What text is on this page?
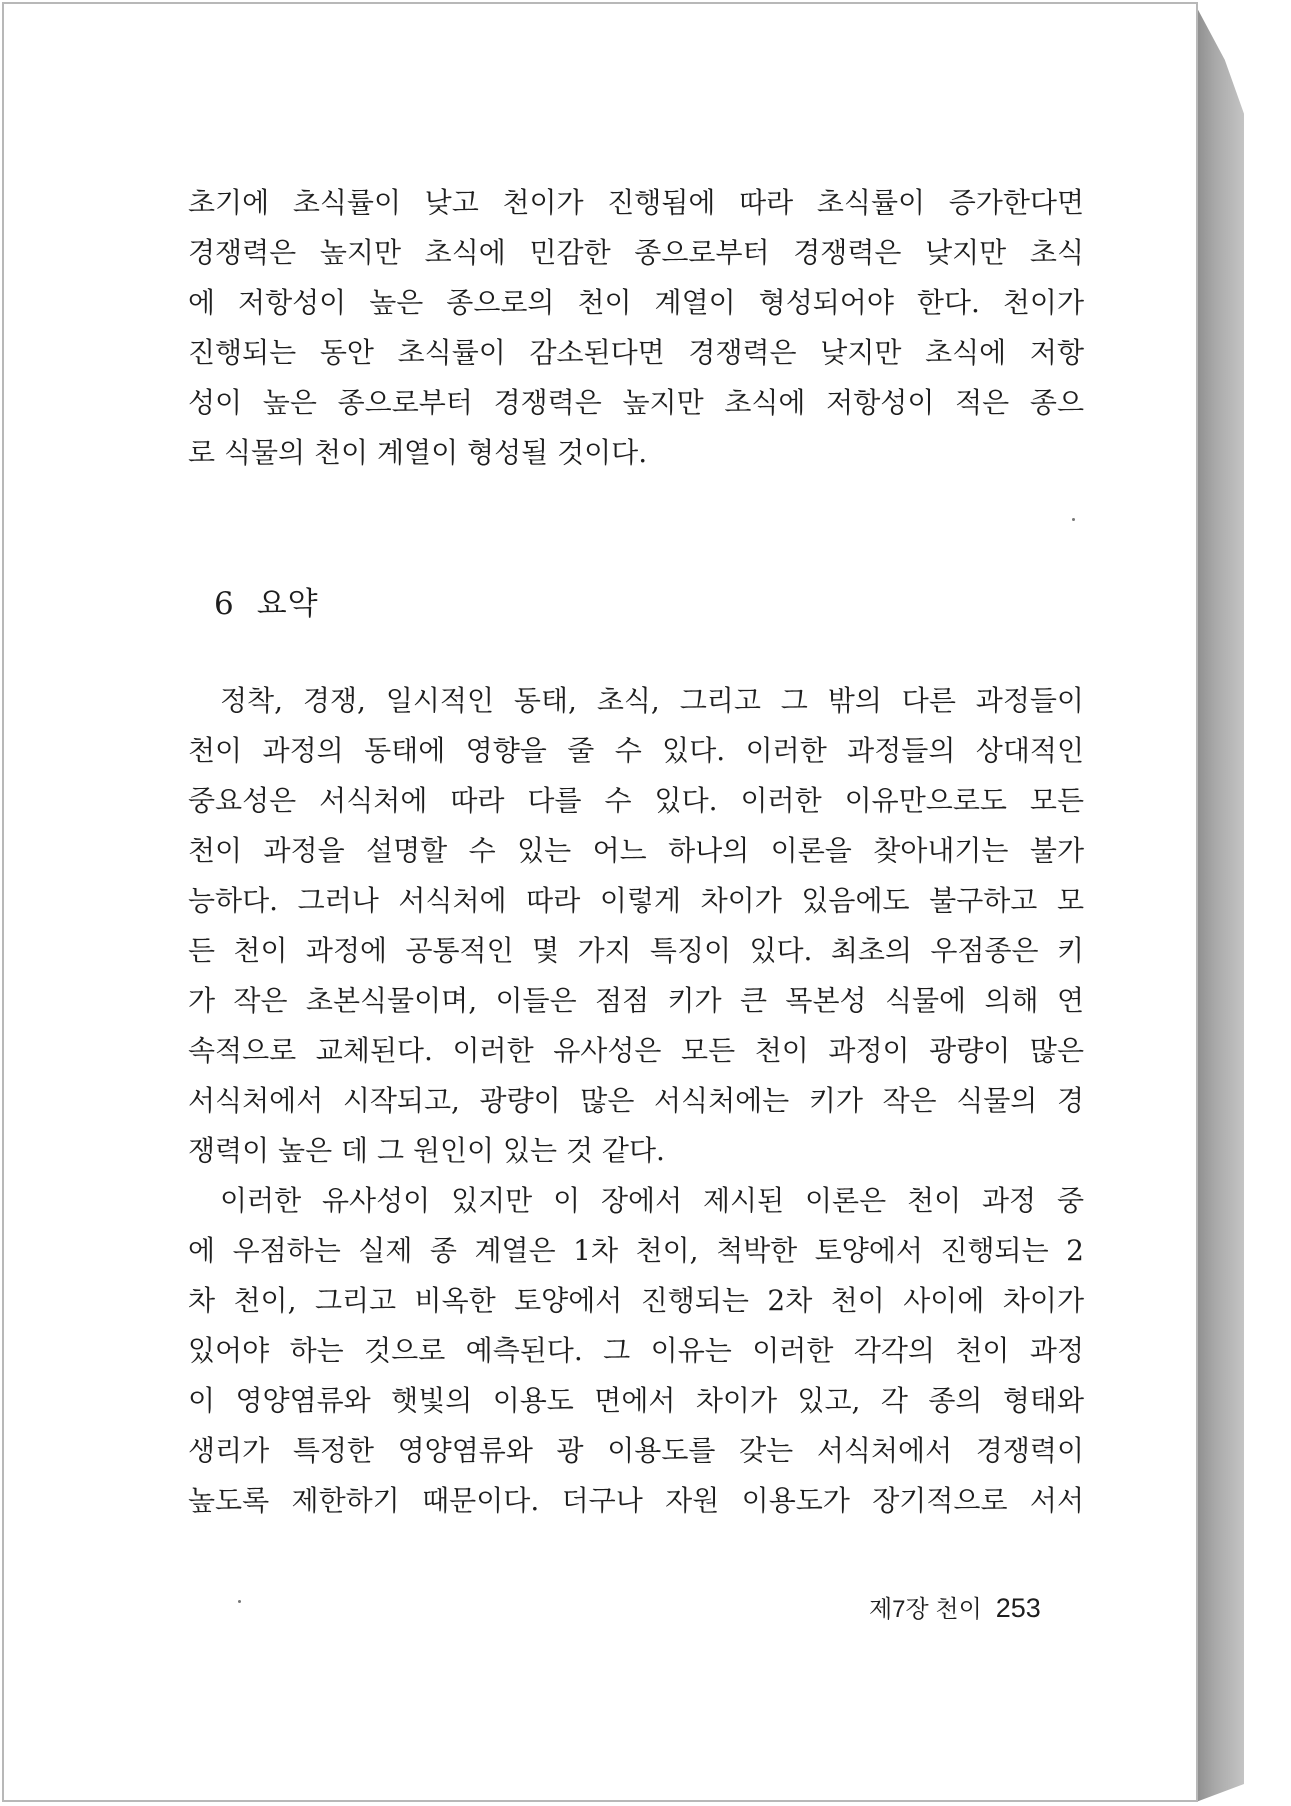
초기에 초식률이 낮고 천이가 진행됨에 따라 초식률이 증가한다면
경쟁력은 높지만 초식에 민감한 종으로부터 경쟁력은 낮지만 초식
에 저항성이 높은 종으로의 천이 계열이 형성되어야 한다. 천이가
진행되는 동안 초식률이 감소된다면 경쟁력은 낮지만 초식에 저항
성이 높은 종으로부터 경쟁력은 높지만 초식에 저항성이 적은 종으
로 식물의 천이 계열이 형성될 것이다.
6 요약
정착, 경쟁, 일시적인 동태, 초식, 그리고 그 밖의 다른 과정들이
천이 과정의 동태에 영향을 줄 수 있다. 이러한 과정들의 상대적인
중요성은 서식처에 따라 다를 수 있다. 이러한 이유만으로도 모든
천이 과정을 설명할 수 있는 어느 하나의 이론을 찾아내기는 불가
능하다. 그러나 서식처에 따라 이렇게 차이가 있음에도 불구하고 모
든 천이 과정에 공통적인 몇 가지 특징이 있다. 최초의 우점종은 키
가 작은 초본식물이며, 이들은 점점 키가 큰 목본성 식물에 의해 연
속적으로 교체된다. 이러한 유사성은 모든 천이 과정이 광량이 많은
서식처에서 시작되고, 광량이 많은 서식처에는 키가 작은 식물의 경
쟁력이 높은 데 그 원인이 있는 것 같다.
이러한 유사성이 있지만 이 장에서 제시된 이론은 천이 과정 중
에 우점하는 실제 종 계열은 1차 천이, 척박한 토양에서 진행되는 2
차 천이, 그리고 비옥한 토양에서 진행되는 2차 천이 사이에 차이가
있어야 하는 것으로 예측된다. 그 이유는 이러한 각각의 천이 과정
이 영양염류와 햇빛의 이용도 면에서 차이가 있고, 각 종의 형태와
생리가 특정한 영양염류와 광 이용도를 갖는 서식처에서 경쟁력이
높도록 제한하기 때문이다. 더구나 자원 이용도가 장기적으로 서서
제7장 천이 253
